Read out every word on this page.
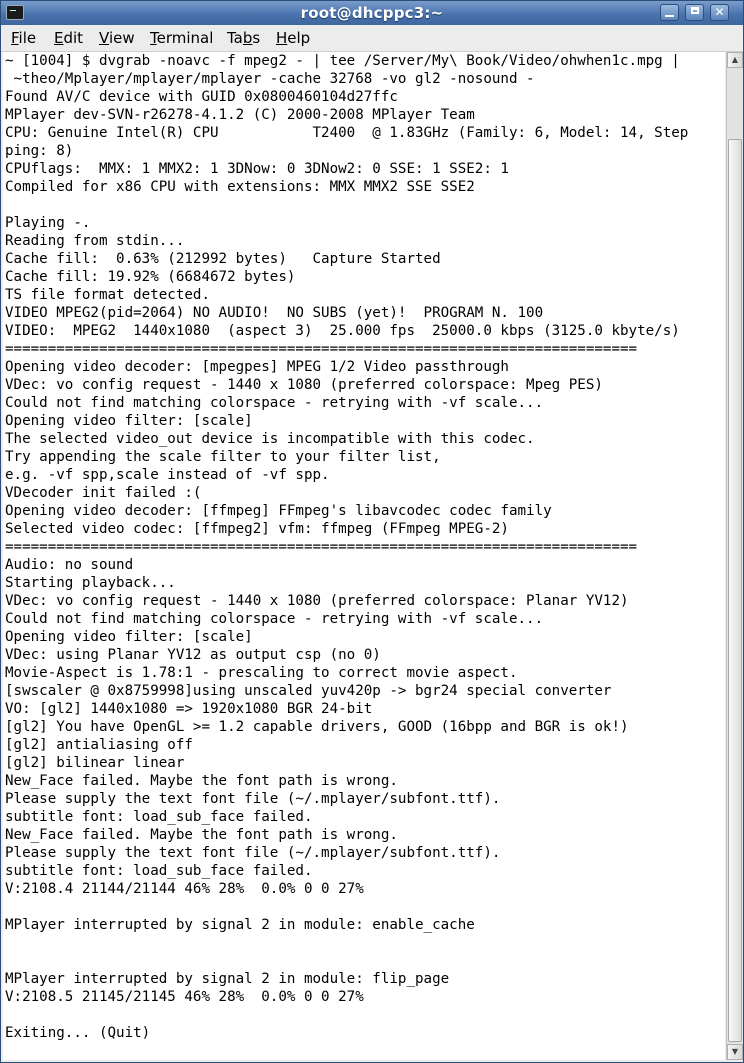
root@dhcppc3:~	✕
File Edit View Terminal Tabs Help
~ [1004] $ dvgrab -noavc -f mpeg2 - | tee /Server/My\ Book/Video/ohwhen1c.mpg |
~theo/Mplayer/mplayer/mplayer -cache 32768 -vo gl2 -nosound -
Found AV/C device with GUID 0x0800460104d27ffc
MPlayer dev-SVN-r26278-4.1.2 (C) 2000-2008 MPlayer Team
CPU: Genuine Intel(R) CPU           T2400  @ 1.83GHz (Family: 6, Model: 14, Step
ping: 8)
CPUflags:  MMX: 1 MMX2: 1 3DNow: 0 3DNow2: 0 SSE: 1 SSE2: 1
Compiled for x86 CPU with extensions: MMX MMX2 SSE SSE2

Playing -.
Reading from stdin...
Cache fill:  0.63% (212992 bytes)   Capture Started
Cache fill: 19.92% (6684672 bytes)
TS file format detected.
VIDEO MPEG2(pid=2064) NO AUDIO!  NO SUBS (yet)!  PROGRAM N. 100
VIDEO:  MPEG2  1440x1080  (aspect 3)  25.000 fps  25000.0 kbps (3125.0 kbyte/s)
==========================================================================
Opening video decoder: [mpegpes] MPEG 1/2 Video passthrough
VDec: vo config request - 1440 x 1080 (preferred colorspace: Mpeg PES)
Could not find matching colorspace - retrying with -vf scale...
Opening video filter: [scale]
The selected video_out device is incompatible with this codec.
Try appending the scale filter to your filter list,
e.g. -vf spp,scale instead of -vf spp.
VDecoder init failed :(
Opening video decoder: [ffmpeg] FFmpeg's libavcodec codec family
Selected video codec: [ffmpeg2] vfm: ffmpeg (FFmpeg MPEG-2)
==========================================================================
Audio: no sound
Starting playback...
VDec: vo config request - 1440 x 1080 (preferred colorspace: Planar YV12)
Could not find matching colorspace - retrying with -vf scale...
Opening video filter: [scale]
VDec: using Planar YV12 as output csp (no 0)
Movie-Aspect is 1.78:1 - prescaling to correct movie aspect.
[swscaler @ 0x8759998]using unscaled yuv420p -> bgr24 special converter
VO: [gl2] 1440x1080 => 1920x1080 BGR 24-bit
[gl2] You have OpenGL >= 1.2 capable drivers, GOOD (16bpp and BGR is ok!)
[gl2] antialiasing off
[gl2] bilinear linear
New_Face failed. Maybe the font path is wrong.
Please supply the text font file (~/.mplayer/subfont.ttf).
subtitle font: load_sub_face failed.
New_Face failed. Maybe the font path is wrong.
Please supply the text font file (~/.mplayer/subfont.ttf).
subtitle font: load_sub_face failed.
V:2108.4 21144/21144 46% 28%  0.0% 0 0 27%

MPlayer interrupted by signal 2 in module: enable_cache

MPlayer interrupted by signal 2 in module: flip_page
V:2108.5 21145/21145 46% 28%  0.0% 0 0 27%

Exiting... (Quit)

▲
▼
